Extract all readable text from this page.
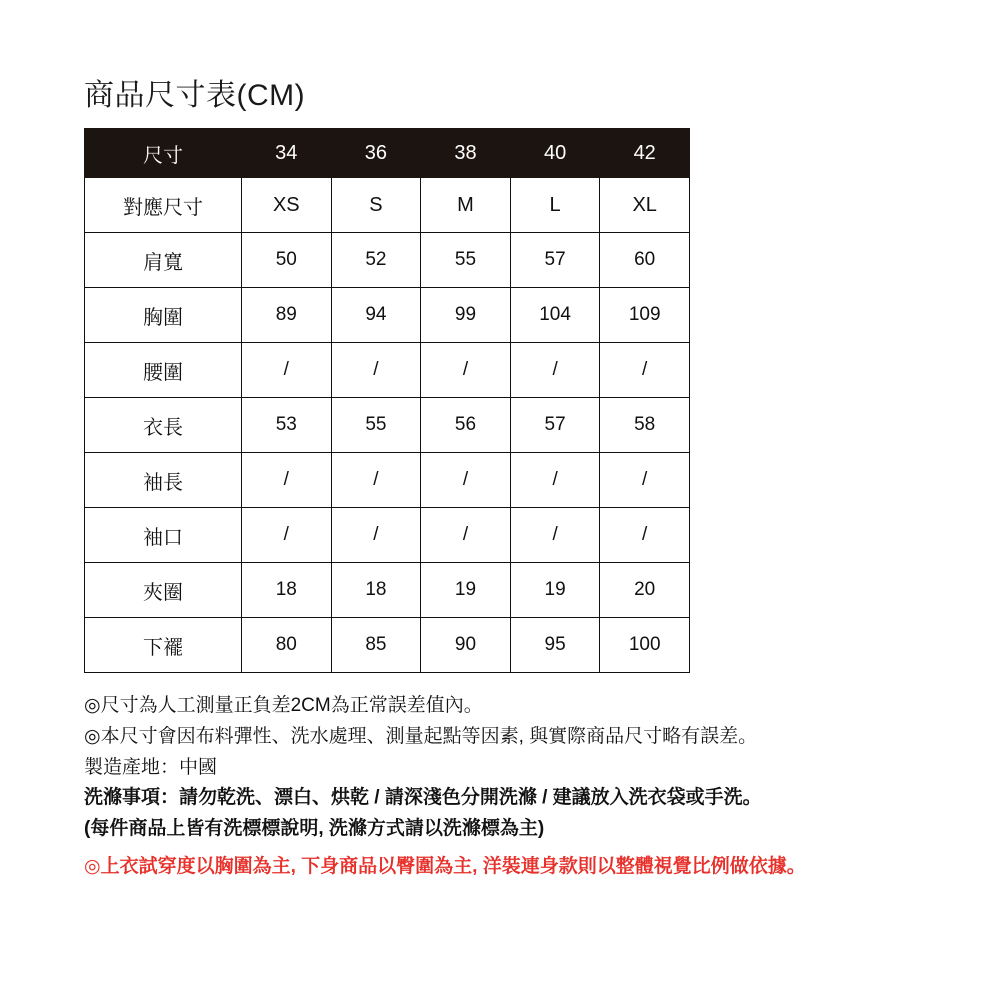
商品尺寸表(CM)
尺寸	34	36	38	40	42
對應尺寸	XS	S	M	L	XL
肩寬	50	52	55	57	60
胸圍	89	94	99	104	109
腰圍	/	/	/	/	/
衣長	53	55	56	57	58
袖長	/	/	/	/	/
袖口	/	/	/	/	/
夾圈	18	18	19	19	20
下襬	80	85	90	95	100
◎尺寸為人工測量正負差2CM為正常誤差值內。
◎本尺寸會因布料彈性、洗水處理、測量起點等因素, 與實際商品尺寸略有誤差。
製造產地：中國
洗滌事項：請勿乾洗、漂白、烘乾 / 請深淺色分開洗滌 / 建議放入洗衣袋或手洗。
(每件商品上皆有洗標標說明, 洗滌方式請以洗滌標為主)
◎上衣試穿度以胸圍為主, 下身商品以臀圍為主, 洋裝連身款則以整體視覺比例做依據。
